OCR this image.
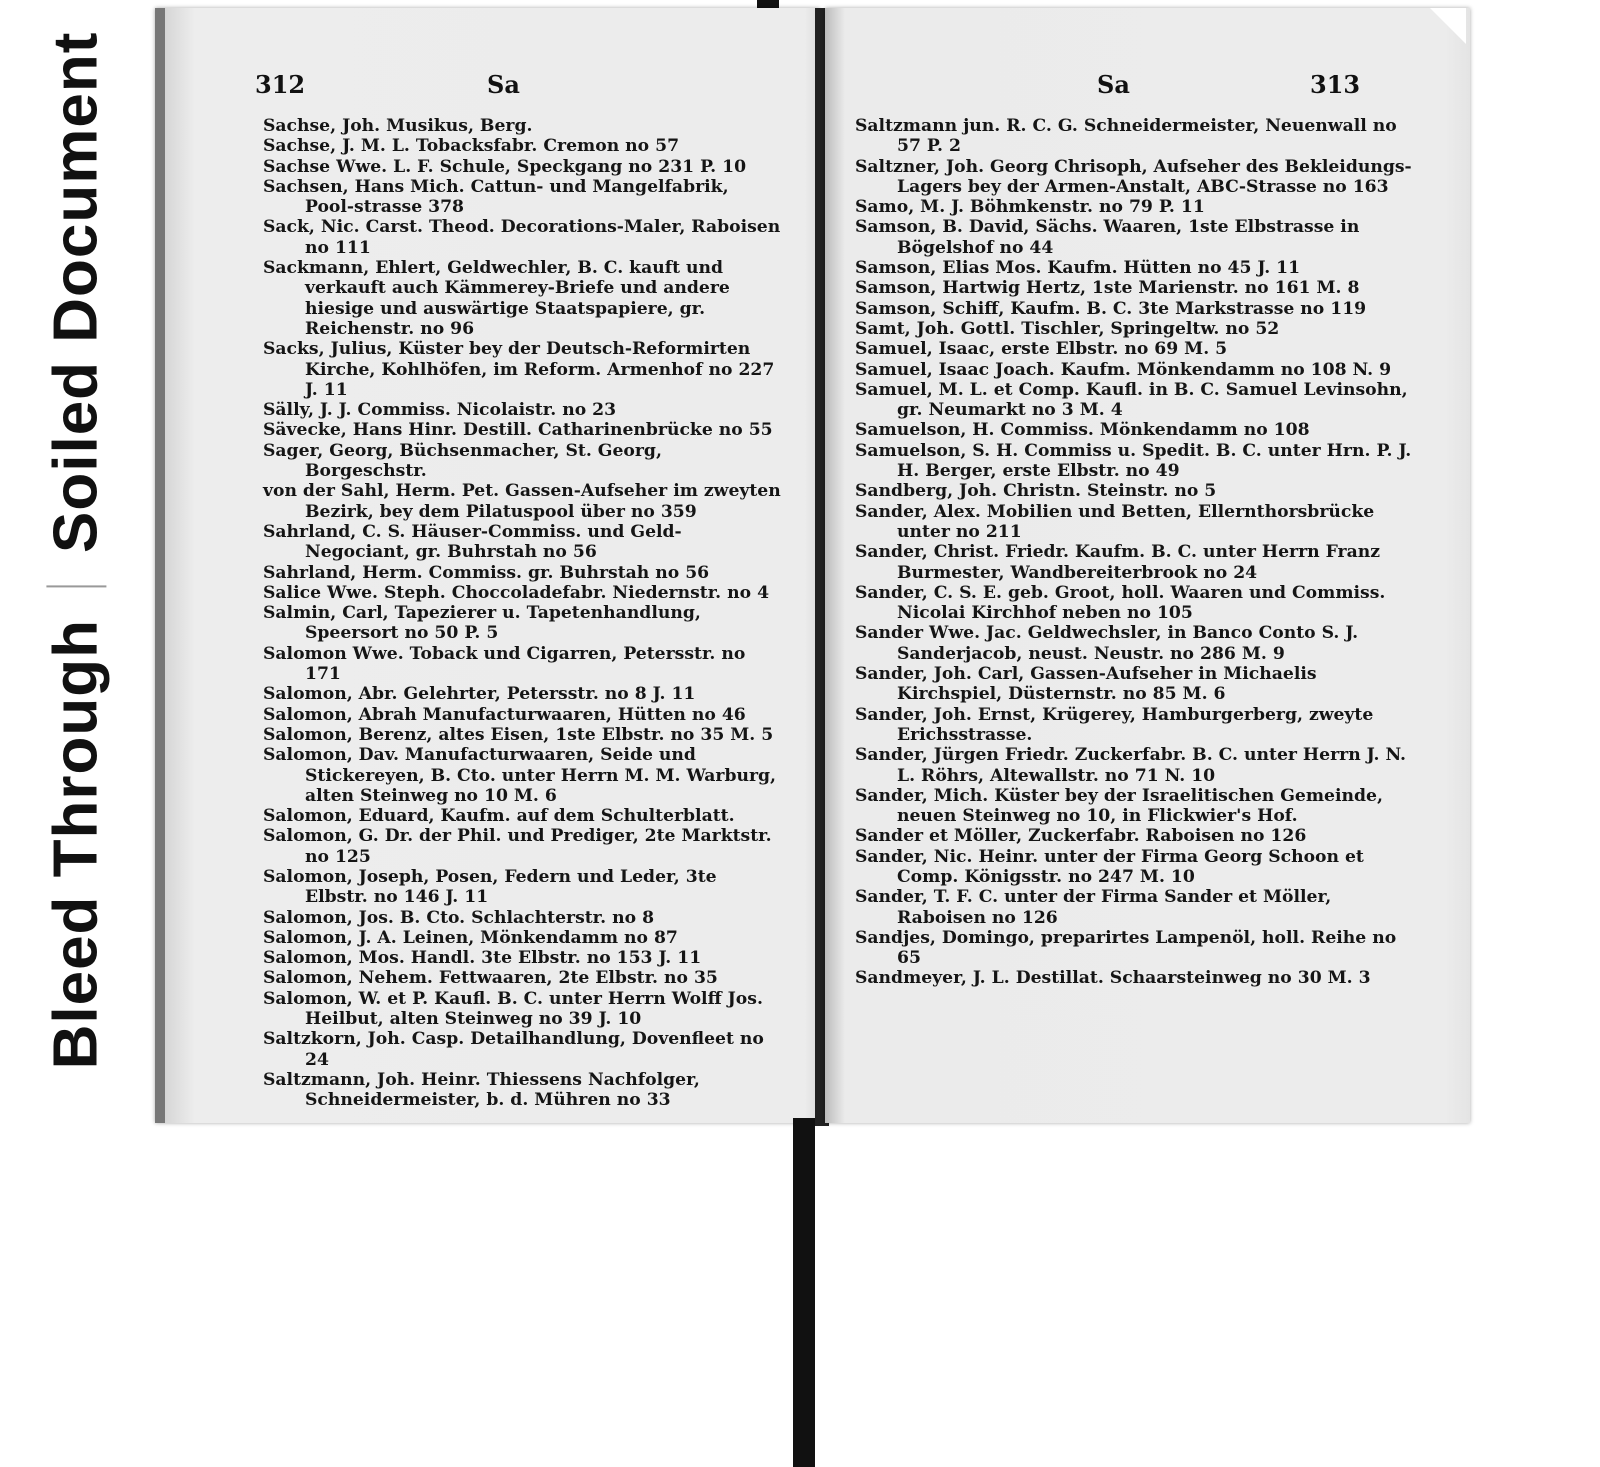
Bleed Through
Soiled Document	312	Sa

Sachse, Joh. Musikus, Berg.

Sachse, J. M. L. Tobacksfabr. Cremon no 57

Sachse Wwe. L. F. Schule, Speckgang no 231 P. 10

Sachsen, Hans Mich. Cattun- und Mangelfabrik, Pool-strasse 378

Sack, Nic. Carst. Theod. Decorations-Maler, Raboisen no 111

Sackmann, Ehlert, Geldwechler, B. C. kauft und verkauft auch Kämmerey-Briefe und andere hiesige und auswärtige Staatspapiere, gr. Reichenstr. no 96

Sacks, Julius, Küster bey der Deutsch-Reformirten Kirche, Kohlhöfen, im Reform. Armenhof no 227 J. 11

Sälly, J. J. Commiss. Nicolaistr. no 23

Sävecke, Hans Hinr. Destill. Catharinenbrücke no 55

Sager, Georg, Büchsenmacher, St. Georg, Borgeschstr.

von der Sahl, Herm. Pet. Gassen-Aufseher im zweyten Bezirk, bey dem Pilatuspool über no 359

Sahrland, C. S. Häuser-Commiss. und Geld-Negociant, gr. Buhrstah no 56

Sahrland, Herm. Commiss. gr. Buhrstah no 56

Salice Wwe. Steph. Choccoladefabr. Niedernstr. no 4

Salmin, Carl, Tapezierer u. Tapetenhandlung, Speersort no 50 P. 5

Salomon Wwe. Toback und Cigarren, Petersstr. no 171

Salomon, Abr. Gelehrter, Petersstr. no 8 J. 11

Salomon, Abrah Manufacturwaaren, Hütten no 46

Salomon, Berenz, altes Eisen, 1ste Elbstr. no 35 M. 5

Salomon, Dav. Manufacturwaaren, Seide und Stickereyen, B. Cto. unter Herrn M. M. Warburg, alten Steinweg no 10 M. 6

Salomon, Eduard, Kaufm. auf dem Schulterblatt.

Salomon, G. Dr. der Phil. und Prediger, 2te Marktstr. no 125

Salomon, Joseph, Posen, Federn und Leder, 3te Elbstr. no 146 J. 11

Salomon, Jos. B. Cto. Schlachterstr. no 8

Salomon, J. A. Leinen, Mönkendamm no 87

Salomon, Mos. Handl. 3te Elbstr. no 153 J. 11

Salomon, Nehem. Fettwaaren, 2te Elbstr. no 35

Salomon, W. et P. Kaufl. B. C. unter Herrn Wolff Jos. Heilbut, alten Steinweg no 39 J. 10

Saltzkorn, Joh. Casp. Detailhandlung, Dovenfleet no 24

Saltzmann, Joh. Heinr. Thiessens Nachfolger, Schneidermeister, b. d. Mühren no 33

Sa	313

Saltzmann jun. R. C. G. Schneidermeister, Neuenwall no 57 P. 2

Saltzner, Joh. Georg Chrisoph, Aufseher des Bekleidungs-Lagers bey der Armen-Anstalt, ABC-Strasse no 163

Samo, M. J. Böhmkenstr. no 79 P. 11

Samson, B. David, Sächs. Waaren, 1ste Elbstrasse in Bögelshof no 44

Samson, Elias Mos. Kaufm. Hütten no 45 J. 11

Samson, Hartwig Hertz, 1ste Marienstr. no 161 M. 8

Samson, Schiff, Kaufm. B. C. 3te Markstrasse no 119

Samt, Joh. Gottl. Tischler, Springeltw. no 52

Samuel, Isaac, erste Elbstr. no 69 M. 5

Samuel, Isaac Joach. Kaufm. Mönkendamm no 108 N. 9

Samuel, M. L. et Comp. Kaufl. in B. C. Samuel Levinsohn, gr. Neumarkt no 3 M. 4

Samuelson, H. Commiss. Mönkendamm no 108

Samuelson, S. H. Commiss u. Spedit. B. C. unter Hrn. P. J. H. Berger, erste Elbstr. no 49

Sandberg, Joh. Christn. Steinstr. no 5

Sander, Alex. Mobilien und Betten, Ellernthorsbrücke unter no 211

Sander, Christ. Friedr. Kaufm. B. C. unter Herrn Franz Burmester, Wandbereiterbrook no 24

Sander, C. S. E. geb. Groot, holl. Waaren und Commiss. Nicolai Kirchhof neben no 105

Sander Wwe. Jac. Geldwechsler, in Banco Conto S. J. Sanderjacob, neust. Neustr. no 286 M. 9

Sander, Joh. Carl, Gassen-Aufseher in Michaelis Kirchspiel, Düsternstr. no 85 M. 6

Sander, Joh. Ernst, Krügerey, Hamburgerberg, zweyte Erichsstrasse.

Sander, Jürgen Friedr. Zuckerfabr. B. C. unter Herrn J. N. L. Röhrs, Altewallstr. no 71 N. 10

Sander, Mich. Küster bey der Israelitischen Gemeinde, neuen Steinweg no 10, in Flickwier's Hof.

Sander et Möller, Zuckerfabr. Raboisen no 126

Sander, Nic. Heinr. unter der Firma Georg Schoon et Comp. Königsstr. no 247 M. 10

Sander, T. F. C. unter der Firma Sander et Möller, Raboisen no 126

Sandjes, Domingo, preparirtes Lampenöl, holl. Reihe no 65

Sandmeyer, J. L. Destillat. Schaarsteinweg no 30 M. 3
